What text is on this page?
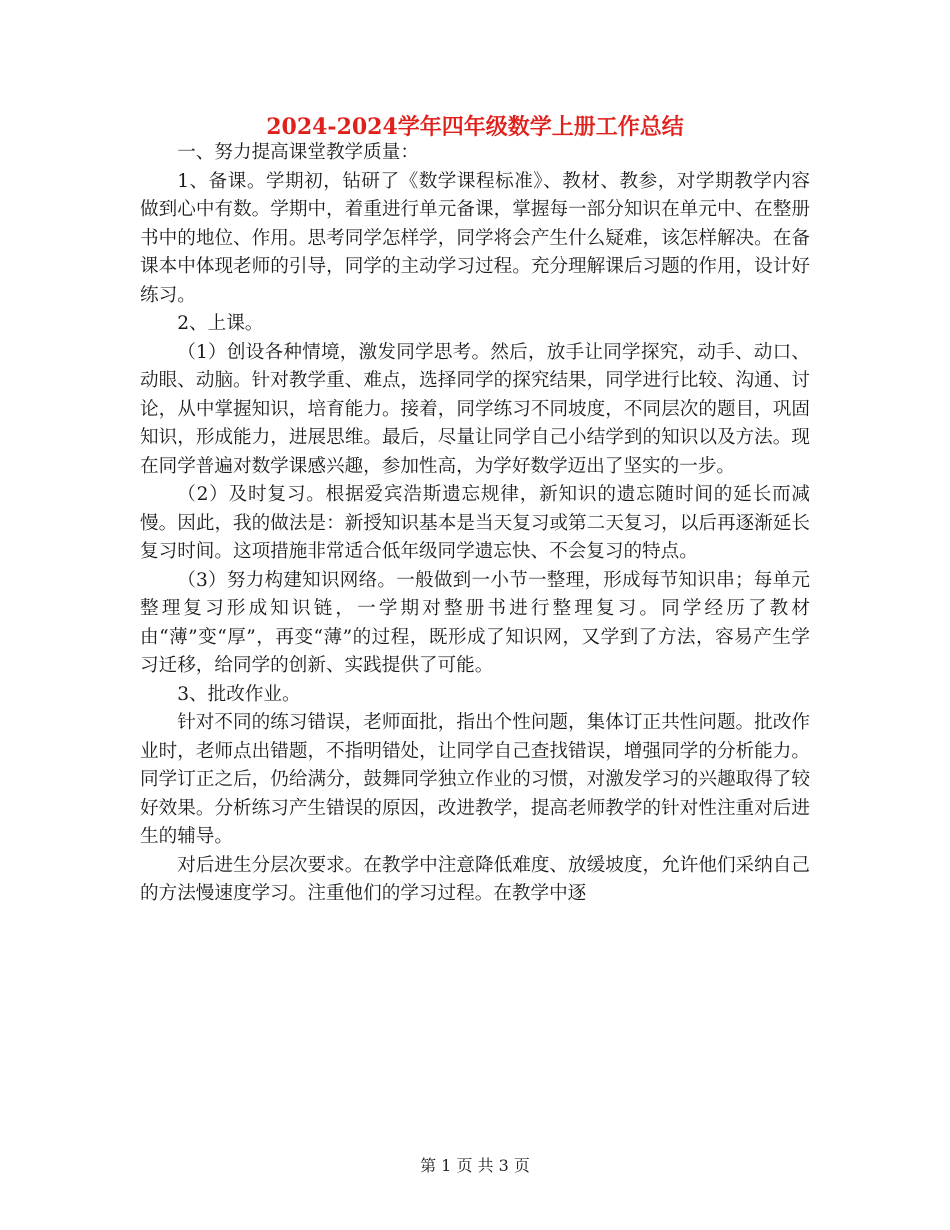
2024-2024学年四年级数学上册工作总结

一、努力提高课堂教学质量：

1、备课。学期初，钻研了《数学课程标准》、教材、教参，对学期教学内容做到心中有数。学期中，着重进行单元备课，掌握每一部分知识在单元中、在整册书中的地位、作用。思考同学怎样学，同学将会产生什么疑难，该怎样解决。在备课本中体现老师的引导，同学的主动学习过程。充分理解课后习题的作用，设计好练习。

2、上课。

（1）创设各种情境，激发同学思考。然后，放手让同学探究，动手、动口、动眼、动脑。针对教学重、难点，选择同学的探究结果，同学进行比较、沟通、讨论，从中掌握知识，培育能力。接着，同学练习不同坡度，不同层次的题目，巩固知识，形成能力，进展思维。最后，尽量让同学自己小结学到的知识以及方法。现在同学普遍对数学课感兴趣，参加性高，为学好数学迈出了坚实的一步。

（2）及时复习。根据爱宾浩斯遗忘规律，新知识的遗忘随时间的延长而减慢。因此，我的做法是：新授知识基本是当天复习或第二天复习，以后再逐渐延长复习时间。这项措施非常适合低年级同学遗忘快、不会复习的特点。

（3）努力构建知识网络。一般做到一小节一整理，形成每节知识串；每单元整理复习形成知识链，一学期对整册书进行整理复习。同学经历了教材由“薄”变“厚”，再变“薄”的过程，既形成了知识网，又学到了方法，容易产生学习迁移，给同学的创新、实践提供了可能。

3、批改作业。

针对不同的练习错误，老师面批，指出个性问题，集体订正共性问题。批改作业时，老师点出错题，不指明错处，让同学自己查找错误，增强同学的分析能力。同学订正之后，仍给满分，鼓舞同学独立作业的习惯，对激发学习的兴趣取得了较好效果。分析练习产生错误的原因，改进教学，提高老师教学的针对性注重对后进生的辅导。

对后进生分层次要求。在教学中注意降低难度、放缓坡度，允许他们采纳自己的方法慢速度学习。注重他们的学习过程。在教学中逐

第 1 页 共 3 页
